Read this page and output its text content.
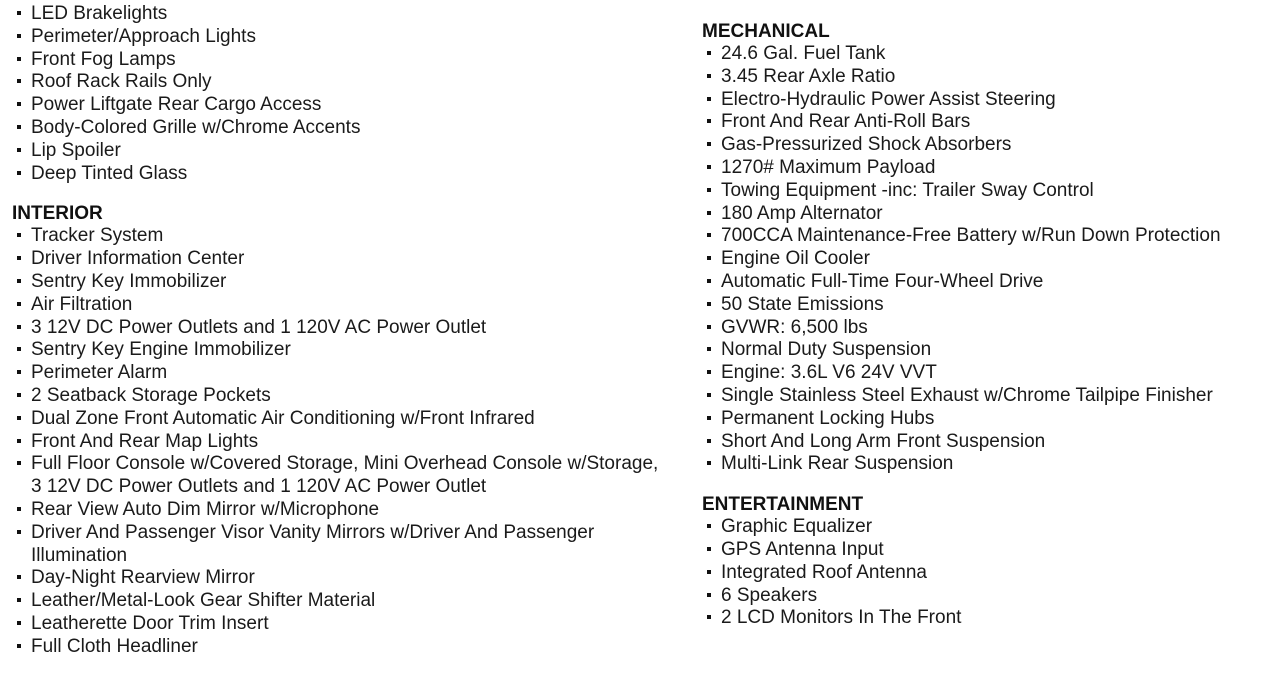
LED Brakelights
Perimeter/Approach Lights
Front Fog Lamps
Roof Rack Rails Only
Power Liftgate Rear Cargo Access
Body-Colored Grille w/Chrome Accents
Lip Spoiler
Deep Tinted Glass
INTERIOR
Tracker System
Driver Information Center
Sentry Key Immobilizer
Air Filtration
3 12V DC Power Outlets and 1 120V AC Power Outlet
Sentry Key Engine Immobilizer
Perimeter Alarm
2 Seatback Storage Pockets
Dual Zone Front Automatic Air Conditioning w/Front Infrared
Front And Rear Map Lights
Full Floor Console w/Covered Storage, Mini Overhead Console w/Storage, 3 12V DC Power Outlets and 1 120V AC Power Outlet
Rear View Auto Dim Mirror w/Microphone
Driver And Passenger Visor Vanity Mirrors w/Driver And Passenger Illumination
Day-Night Rearview Mirror
Leather/Metal-Look Gear Shifter Material
Leatherette Door Trim Insert
Full Cloth Headliner
MECHANICAL
24.6 Gal. Fuel Tank
3.45 Rear Axle Ratio
Electro-Hydraulic Power Assist Steering
Front And Rear Anti-Roll Bars
Gas-Pressurized Shock Absorbers
1270# Maximum Payload
Towing Equipment -inc: Trailer Sway Control
180 Amp Alternator
700CCA Maintenance-Free Battery w/Run Down Protection
Engine Oil Cooler
Automatic Full-Time Four-Wheel Drive
50 State Emissions
GVWR: 6,500 lbs
Normal Duty Suspension
Engine: 3.6L V6 24V VVT
Single Stainless Steel Exhaust w/Chrome Tailpipe Finisher
Permanent Locking Hubs
Short And Long Arm Front Suspension
Multi-Link Rear Suspension
ENTERTAINMENT
Graphic Equalizer
GPS Antenna Input
Integrated Roof Antenna
6 Speakers
2 LCD Monitors In The Front
